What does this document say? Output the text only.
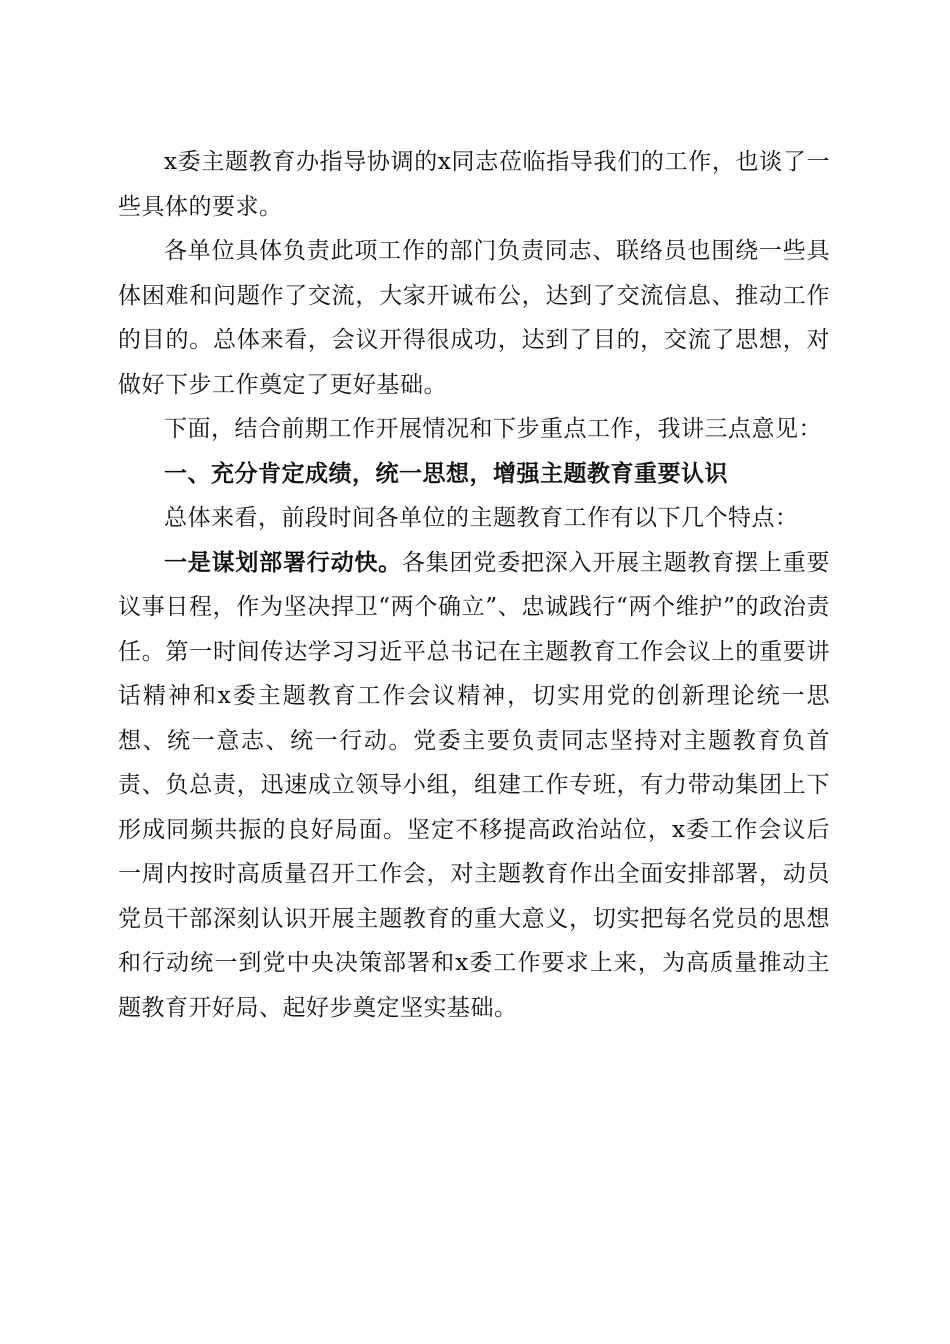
x委主题教育办指导协调的x同志莅临指导我们的工作，也谈了一些具体的要求。

各单位具体负责此项工作的部门负责同志、联络员也围绕一些具体困难和问题作了交流，大家开诚布公，达到了交流信息、推动工作的目的。总体来看，会议开得很成功，达到了目的，交流了思想，对做好下步工作奠定了更好基础。

下面，结合前期工作开展情况和下步重点工作，我讲三点意见：

一、充分肯定成绩，统一思想，增强主题教育重要认识

总体来看，前段时间各单位的主题教育工作有以下几个特点：

一是谋划部署行动快。各集团党委把深入开展主题教育摆上重要议事日程，作为坚决捍卫“两个确立”、忠诚践行“两个维护”的政治责任。第一时间传达学习习近平总书记在主题教育工作会议上的重要讲话精神和x委主题教育工作会议精神，切实用党的创新理论统一思想、统一意志、统一行动。党委主要负责同志坚持对主题教育负首责、负总责，迅速成立领导小组，组建工作专班，有力带动集团上下形成同频共振的良好局面。坚定不移提高政治站位，x委工作会议后一周内按时高质量召开工作会，对主题教育作出全面安排部署，动员党员干部深刻认识开展主题教育的重大意义，切实把每名党员的思想和行动统一到党中央决策部署和x委工作要求上来，为高质量推动主题教育开好局、起好步奠定坚实基础。
